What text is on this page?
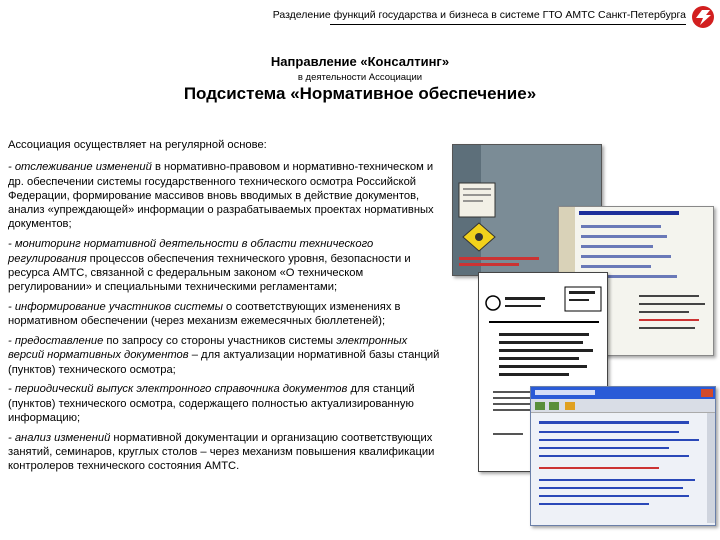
Разделение функций государства и бизнеса в системе ГТО АМТС Санкт-Петербурга
Направление «Консалтинг»
в деятельности Ассоциации
Подсистема «Нормативное обеспечение»

Ассоциация осуществляет на регулярной основе:

- отслеживание изменений в нормативно-правовом и нормативно-техническом и др. обеспечении системы государственного технического осмотра Российской Федерации, формирование массивов вновь вводимых в действие документов, анализ «упреждающей» информации о разрабатываемых проектах нормативных документов;

- мониторинг нормативной деятельности в области технического регулирования процессов обеспечения технического уровня, безопасности и ресурса АМТС, связанной с федеральным законом «О техническом регулировании» и специальными техническими регламентами;

- информирование участников системы о соответствующих изменениях в нормативном обеспечении (через механизм ежемесячных бюллетеней);

- предоставление по запросу со стороны участников системы электронных версий нормативных документов – для актуализации нормативной базы станций (пунктов) технического осмотра;

- периодический выпуск электронного справочника документов для станций (пунктов) технического осмотра, содержащего полностью актуализированную информацию;

- анализ изменений нормативной документации и организацию соответствующих занятий, семинаров, круглых столов – через механизм повышения квалификации контролеров технического состояния АМТС.
